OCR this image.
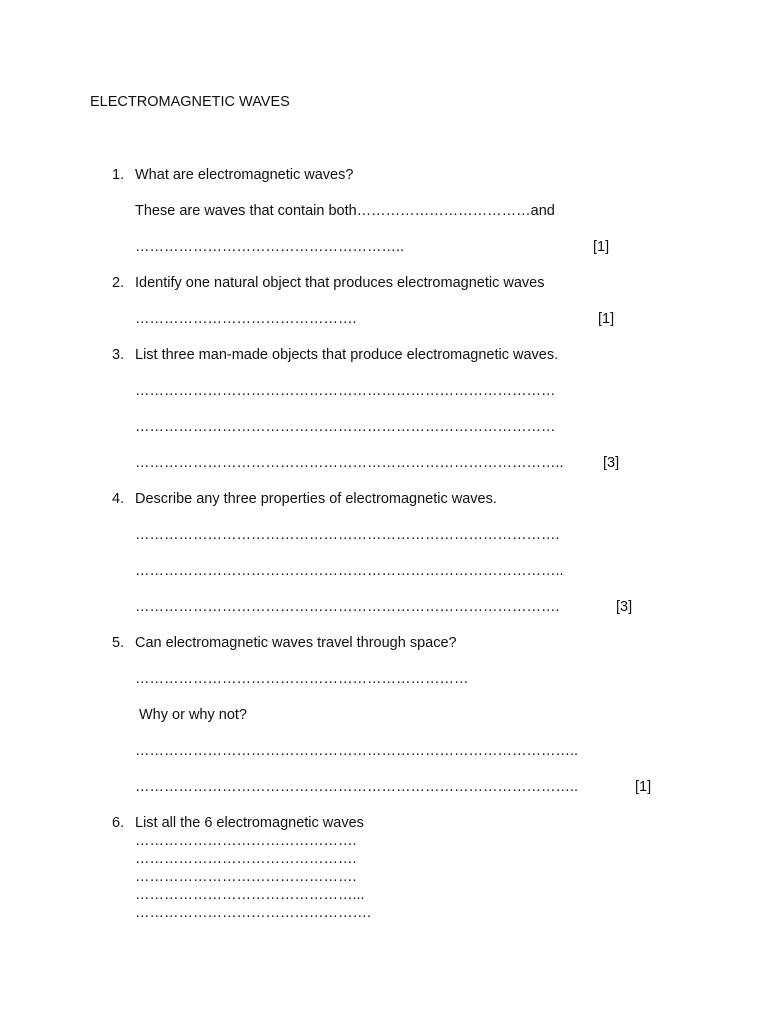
ELECTROMAGNETIC WAVES
1. What are electromagnetic waves?
These are waves that contain both………………………………and
………………………………………………..	[1]
2. Identify one natural object that produces electromagnetic waves
……………………………………….	[1]
3. List three man-made objects that produce electromagnetic waves.
……………………………………………………………………………
……………………………………………………………………………
……………………………………………………………………………..	[3]
4. Describe any three properties of electromagnetic waves.
…………………………………………………………………………….
……………………………………………………………………………..
…………………………………………………………………………….	[3]
5. Can electromagnetic waves travel through space?
……………………………………………………………
Why or why not?
………………………………………………………………………………..
………………………………………………………………………………..	[1]
6. List all the 6 electromagnetic waves
……………………………………….
……………………………………….
……………………………………….
………………………………………...
………………………………………….
